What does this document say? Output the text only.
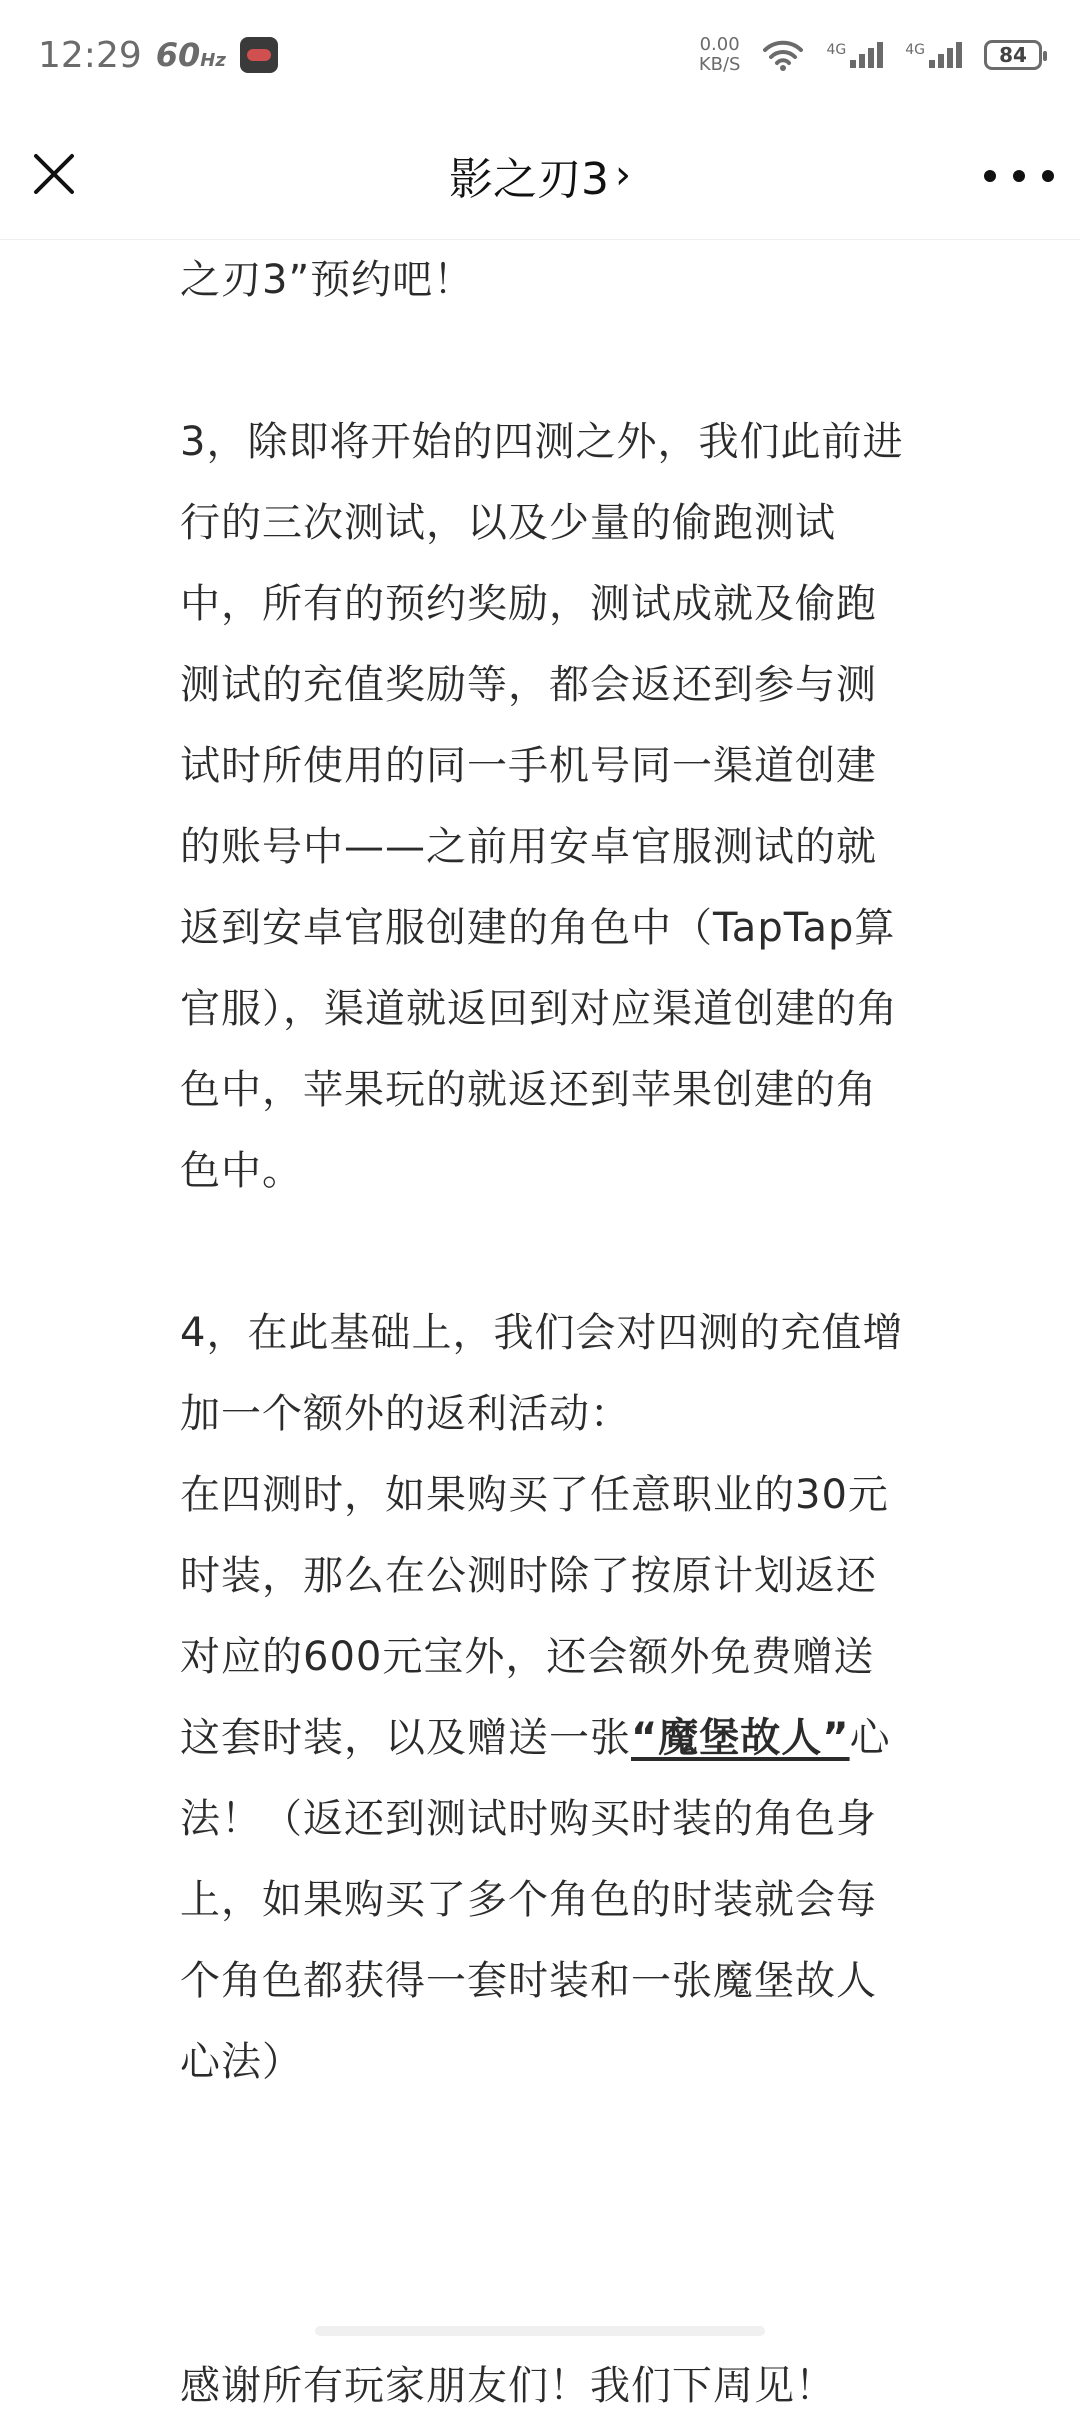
12:29 60Hz
0.00
KB/S
4G	4G	84
影之刃3 ›

之刃3”预约吧！

3，除即将开始的四测之外，我们此前进行的三次测试，以及少量的偷跑测试中，所有的预约奖励，测试成就及偷跑测试的充值奖励等，都会返还到参与测试时所使用的同一手机号同一渠道创建的账号中——之前用安卓官服测试的就返到安卓官服创建的角色中（TapTap算官服），渠道就返回到对应渠道创建的角色中，苹果玩的就返还到苹果创建的角色中。

4，在此基础上，我们会对四测的充值增加一个额外的返利活动：

在四测时，如果购买了任意职业的30元时装，那么在公测时除了按原计划返还对应的600元宝外，还会额外免费赠送这套时装，以及赠送一张“魔堡故人”心法！（返还到测试时购买时装的角色身上，如果购买了多个角色的时装就会每个角色都获得一套时装和一张魔堡故人心法）

感谢所有玩家朋友们！我们下周见！
